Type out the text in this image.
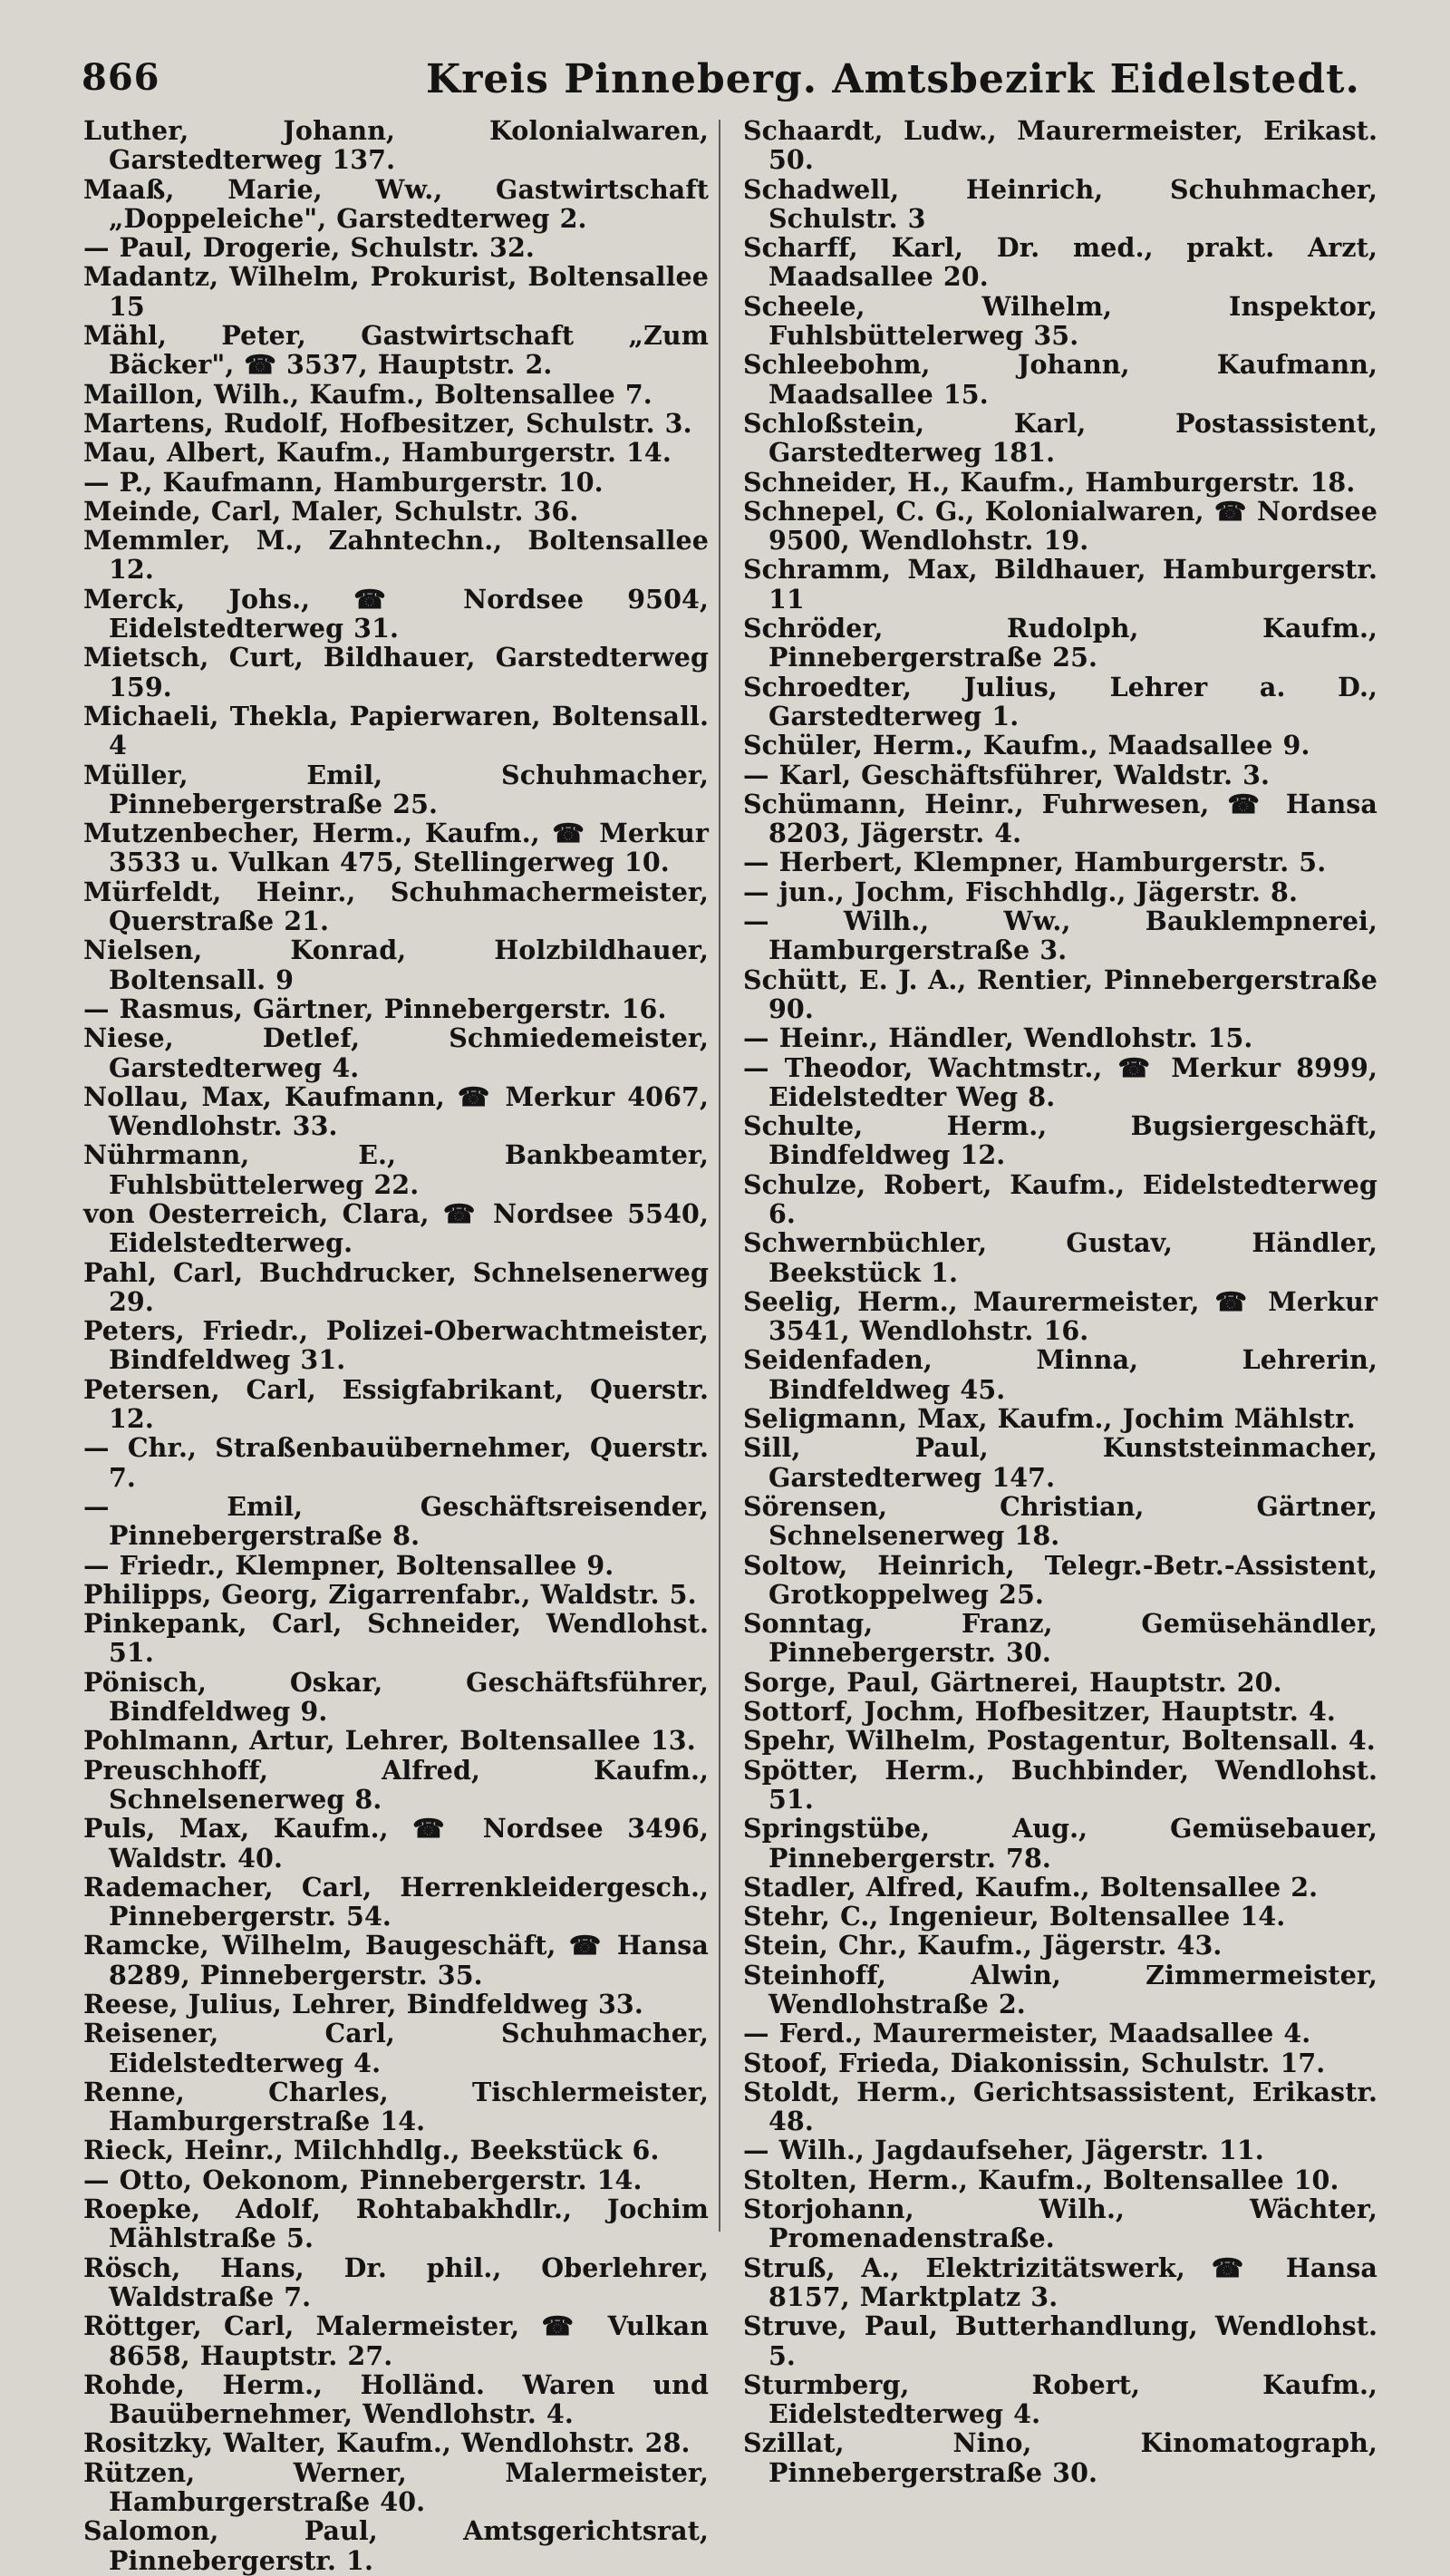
866	Kreis Pinneberg. Amtsbezirk Eidelstedt.
Luther, Johann, Kolonialwaren, Garstedterweg 137.
Maaß, Marie, Ww., Gastwirtschaft „Doppeleiche", Garstedterweg 2.
— Paul, Drogerie, Schulstr. 32.
Madantz, Wilhelm, Prokurist, Boltensallee 15
Mähl, Peter, Gastwirtschaft „Zum Bäcker", ☎ 3537, Hauptstr. 2.
Maillon, Wilh., Kaufm., Boltensallee 7.
Martens, Rudolf, Hofbesitzer, Schulstr. 3.
Mau, Albert, Kaufm., Hamburgerstr. 14.
— P., Kaufmann, Hamburgerstr. 10.
Meinde, Carl, Maler, Schulstr. 36.
Memmler, M., Zahntechn., Boltensallee 12.
Merck, Johs., ☎ Nordsee 9504, Eidelstedterweg 31.
Mietsch, Curt, Bildhauer, Garstedterweg 159.
Michaeli, Thekla, Papierwaren, Boltensall. 4
Müller, Emil, Schuhmacher, Pinnebergerstraße 25.
Mutzenbecher, Herm., Kaufm., ☎ Merkur 3533 u. Vulkan 475, Stellingerweg 10.
Mürfeldt, Heinr., Schuhmachermeister, Querstraße 21.
Nielsen, Konrad, Holzbildhauer, Boltensall. 9
— Rasmus, Gärtner, Pinnebergerstr. 16.
Niese, Detlef, Schmiedemeister, Garstedterweg 4.
Nollau, Max, Kaufmann, ☎ Merkur 4067, Wendlohstr. 33.
Nührmann, E., Bankbeamter, Fuhlsbüttelerweg 22.
von Oesterreich, Clara, ☎ Nordsee 5540, Eidelstedterweg.
Pahl, Carl, Buchdrucker, Schnelsenerweg 29.
Peters, Friedr., Polizei-Oberwachtmeister, Bindfeldweg 31.
Petersen, Carl, Essigfabrikant, Querstr. 12.
— Chr., Straßenbauübernehmer, Querstr. 7.
— Emil, Geschäftsreisender, Pinnebergerstraße 8.
— Friedr., Klempner, Boltensallee 9.
Philipps, Georg, Zigarrenfabr., Waldstr. 5.
Pinkepank, Carl, Schneider, Wendlohst. 51.
Pönisch, Oskar, Geschäftsführer, Bindfeldweg 9.
Pohlmann, Artur, Lehrer, Boltensallee 13.
Preuschhoff, Alfred, Kaufm., Schnelsenerweg 8.
Puls, Max, Kaufm., ☎ Nordsee 3496, Waldstr. 40.
Rademacher, Carl, Herrenkleidergesch., Pinnebergerstr. 54.
Ramcke, Wilhelm, Baugeschäft, ☎ Hansa 8289, Pinnebergerstr. 35.
Reese, Julius, Lehrer, Bindfeldweg 33.
Reisener, Carl, Schuhmacher, Eidelstedterweg 4.
Renne, Charles, Tischlermeister, Hamburgerstraße 14.
Rieck, Heinr., Milchhdlg., Beekstück 6.
— Otto, Oekonom, Pinnebergerstr. 14.
Roepke, Adolf, Rohtabakhdlr., Jochim Mählstraße 5.
Rösch, Hans, Dr. phil., Oberlehrer, Waldstraße 7.
Röttger, Carl, Malermeister, ☎ Vulkan 8658, Hauptstr. 27.
Rohde, Herm., Holländ. Waren und Bauübernehmer, Wendlohstr. 4.
Rositzky, Walter, Kaufm., Wendlohstr. 28.
Rützen, Werner, Malermeister, Hamburgerstraße 40.
Salomon, Paul, Amtsgerichtsrat, Pinnebergerstr. 1.
Schaardt, Ludw., Maurermeister, Erikast. 50.
Schadwell, Heinrich, Schuhmacher, Schulstr. 3
Scharff, Karl, Dr. med., prakt. Arzt, Maadsallee 20.
Scheele, Wilhelm, Inspektor, Fuhlsbüttelerweg 35.
Schleebohm, Johann, Kaufmann, Maadsallee 15.
Schloßstein, Karl, Postassistent, Garstedterweg 181.
Schneider, H., Kaufm., Hamburgerstr. 18.
Schnepel, C. G., Kolonialwaren, ☎ Nordsee 9500, Wendlohstr. 19.
Schramm, Max, Bildhauer, Hamburgerstr. 11
Schröder, Rudolph, Kaufm., Pinnebergerstraße 25.
Schroedter, Julius, Lehrer a. D., Garstedterweg 1.
Schüler, Herm., Kaufm., Maadsallee 9.
— Karl, Geschäftsführer, Waldstr. 3.
Schümann, Heinr., Fuhrwesen, ☎ Hansa 8203, Jägerstr. 4.
— Herbert, Klempner, Hamburgerstr. 5.
— jun., Jochm, Fischhdlg., Jägerstr. 8.
— Wilh., Ww., Bauklempnerei, Hamburgerstraße 3.
Schütt, E. J. A., Rentier, Pinnebergerstraße 90.
— Heinr., Händler, Wendlohstr. 15.
— Theodor, Wachtmstr., ☎ Merkur 8999, Eidelstedter Weg 8.
Schulte, Herm., Bugsiergeschäft, Bindfeldweg 12.
Schulze, Robert, Kaufm., Eidelstedterweg 6.
Schwernbüchler, Gustav, Händler, Beekstück 1.
Seelig, Herm., Maurermeister, ☎ Merkur 3541, Wendlohstr. 16.
Seidenfaden, Minna, Lehrerin, Bindfeldweg 45.
Seligmann, Max, Kaufm., Jochim Mählstr.
Sill, Paul, Kunststeinmacher, Garstedterweg 147.
Sörensen, Christian, Gärtner, Schnelsenerweg 18.
Soltow, Heinrich, Telegr.-Betr.-Assistent, Grotkoppelweg 25.
Sonntag, Franz, Gemüsehändler, Pinnebergerstr. 30.
Sorge, Paul, Gärtnerei, Hauptstr. 20.
Sottorf, Jochm, Hofbesitzer, Hauptstr. 4.
Spehr, Wilhelm, Postagentur, Boltensall. 4.
Spötter, Herm., Buchbinder, Wendlohst. 51.
Springstübe, Aug., Gemüsebauer, Pinnebergerstr. 78.
Stadler, Alfred, Kaufm., Boltensallee 2.
Stehr, C., Ingenieur, Boltensallee 14.
Stein, Chr., Kaufm., Jägerstr. 43.
Steinhoff, Alwin, Zimmermeister, Wendlohstraße 2.
— Ferd., Maurermeister, Maadsallee 4.
Stoof, Frieda, Diakonissin, Schulstr. 17.
Stoldt, Herm., Gerichtsassistent, Erikastr. 48.
— Wilh., Jagdaufseher, Jägerstr. 11.
Stolten, Herm., Kaufm., Boltensallee 10.
Storjohann, Wilh., Wächter, Promenadenstraße.
Struß, A., Elektrizitätswerk, ☎ Hansa 8157, Marktplatz 3.
Struve, Paul, Butterhandlung, Wendlohst. 5.
Sturmberg, Robert, Kaufm., Eidelstedterweg 4.
Szillat, Nino, Kinomatograph, Pinnebergerstraße 30.
